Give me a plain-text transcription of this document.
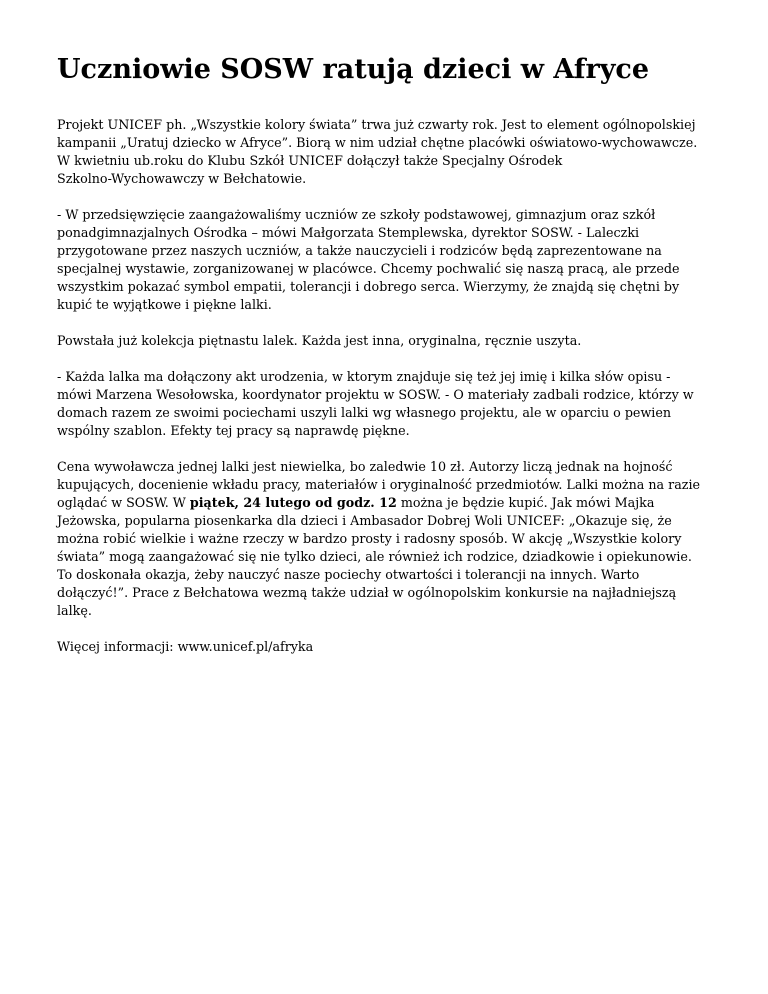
Uczniowie SOSW ratują dzieci w Afryce

Projekt UNICEF ph. „Wszystkie kolory świata” trwa już czwarty rok. Jest to element ogólnopolskiej
kampanii „Uratuj dziecko w Afryce”. Biorą w nim udział chętne placówki oświatowo-wychowawcze.
W kwietniu ub.roku do Klubu Szkół UNICEF dołączył także Specjalny Ośrodek
Szkolno-Wychowawczy w Bełchatowie.

- W przedsięwzięcie zaangażowaliśmy uczniów ze szkoły podstawowej, gimnazjum oraz szkół
ponadgimnazjalnych Ośrodka – mówi Małgorzata Stemplewska, dyrektor SOSW. - Laleczki
przygotowane przez naszych uczniów, a także nauczycieli i rodziców będą zaprezentowane na
specjalnej wystawie, zorganizowanej w placówce. Chcemy pochwalić się naszą pracą, ale przede
wszystkim pokazać symbol empatii, tolerancji i dobrego serca. Wierzymy, że znajdą się chętni by
kupić te wyjątkowe i piękne lalki.

Powstała już kolekcja piętnastu lalek. Każda jest inna, oryginalna, ręcznie uszyta.

- Każda lalka ma dołączony akt urodzenia, w ktorym znajduje się też jej imię i kilka słów opisu -
mówi Marzena Wesołowska, koordynator projektu w SOSW. - O materiały zadbali rodzice, którzy w
domach razem ze swoimi pociechami uszyli lalki wg własnego projektu, ale w oparciu o pewien
wspólny szablon. Efekty tej pracy są naprawdę piękne.

Cena wywoławcza jednej lalki jest niewielka, bo zaledwie 10 zł. Autorzy liczą jednak na hojność
kupujących, docenienie wkładu pracy, materiałów i oryginalność przedmiotów. Lalki można na razie
oglądać w SOSW. W piątek, 24 lutego od godz. 12 można je będzie kupić. Jak mówi Majka
Jeżowska, popularna piosenkarka dla dzieci i Ambasador Dobrej Woli UNICEF: „Okazuje się, że
można robić wielkie i ważne rzeczy w bardzo prosty i radosny sposób. W akcję „Wszystkie kolory
świata” mogą zaangażować się nie tylko dzieci, ale również ich rodzice, dziadkowie i opiekunowie.
To doskonała okazja, żeby nauczyć nasze pociechy otwartości i tolerancji na innych. Warto
dołączyć!”. Prace z Bełchatowa wezmą także udział w ogólnopolskim konkursie na najładniejszą
lalkę.

Więcej informacji: www.unicef.pl/afryka
